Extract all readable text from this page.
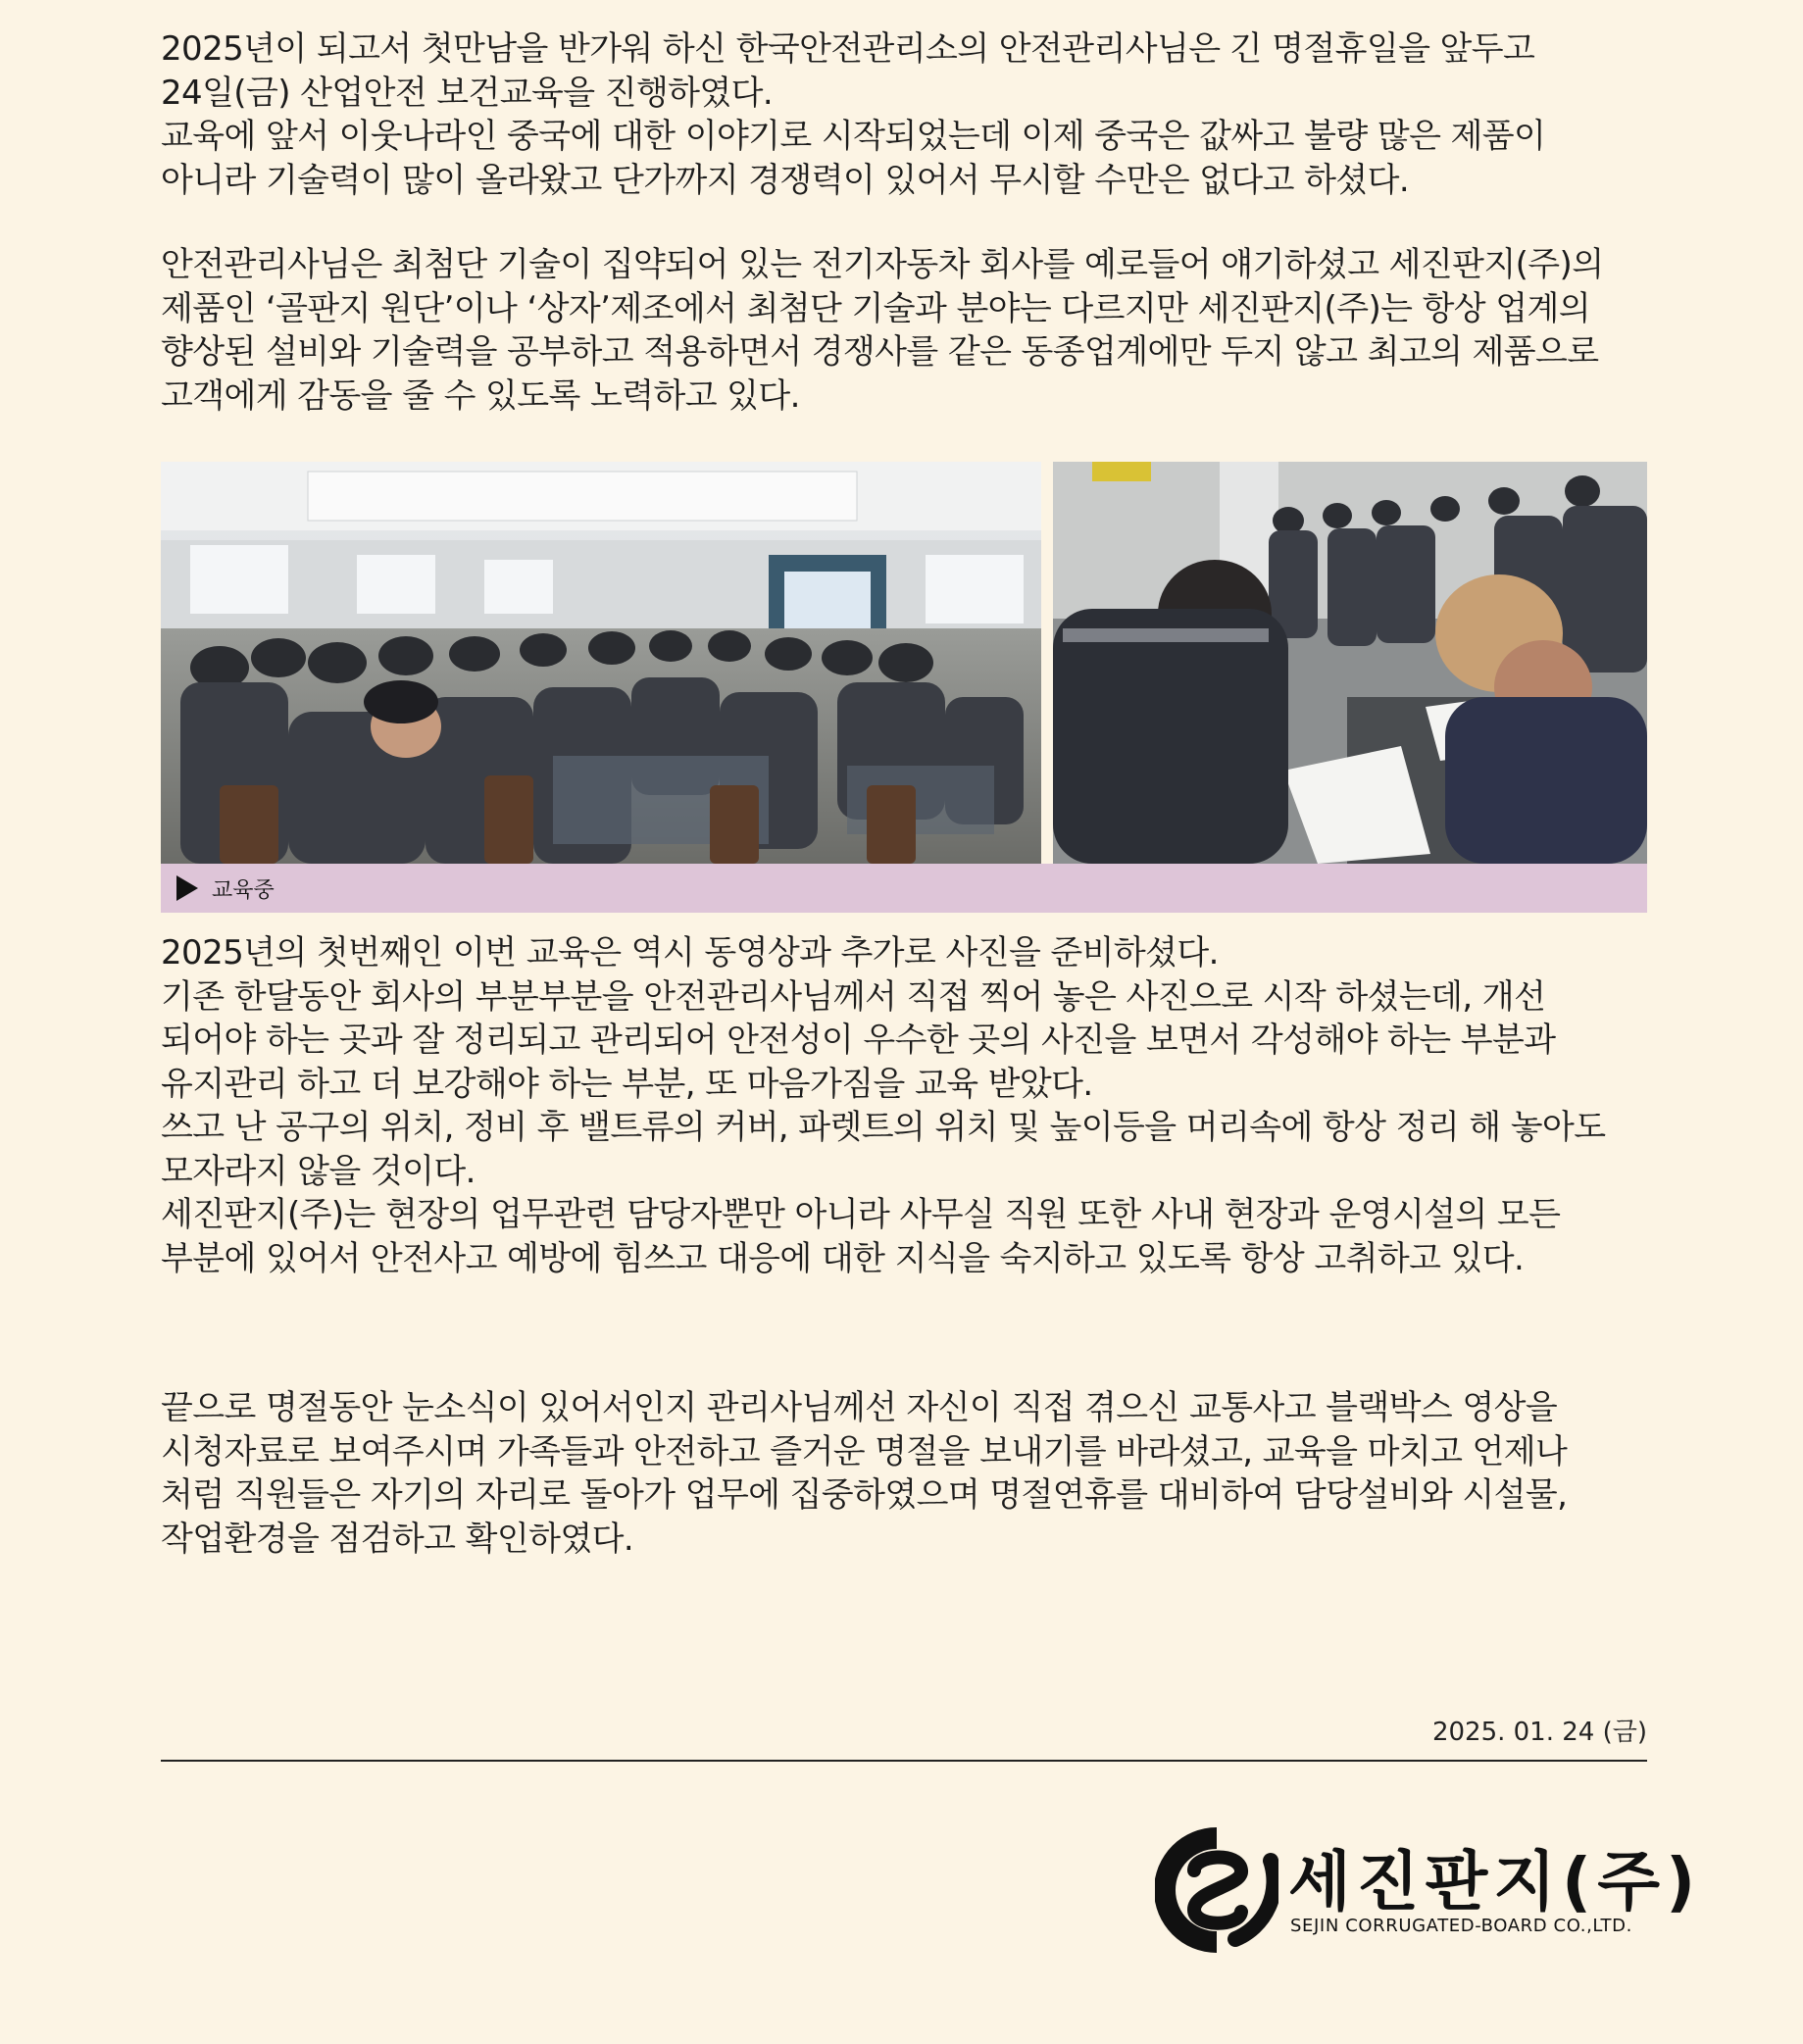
2025년이 되고서 첫만남을 반가워 하신 한국안전관리소의 안전관리사님은 긴 명절휴일을 앞두고
24일(금) 산업안전 보건교육을 진행하였다.
교육에 앞서 이웃나라인 중국에 대한 이야기로 시작되었는데 이제 중국은 값싸고 불량 많은 제품이
아니라 기술력이 많이 올라왔고 단가까지 경쟁력이 있어서 무시할 수만은 없다고 하셨다.
안전관리사님은 최첨단 기술이 집약되어 있는 전기자동차 회사를 예로들어 얘기하셨고 세진판지(주)의
제품인 ‘골판지 원단’이나 ‘상자’제조에서 최첨단 기술과 분야는 다르지만 세진판지(주)는 항상 업계의
향상된 설비와 기술력을 공부하고 적용하면서 경쟁사를 같은 동종업계에만 두지 않고 최고의 제품으로
고객에게 감동을 줄 수 있도록 노력하고 있다.
교육중
2025년의 첫번째인 이번 교육은 역시 동영상과 추가로 사진을 준비하셨다.
기존 한달동안 회사의 부분부분을 안전관리사님께서 직접 찍어 놓은 사진으로 시작 하셨는데, 개선
되어야 하는 곳과 잘 정리되고 관리되어 안전성이 우수한 곳의 사진을 보면서 각성해야 하는 부분과
유지관리 하고 더 보강해야 하는 부분, 또 마음가짐을 교육 받았다.
쓰고 난 공구의 위치, 정비 후 밸트류의 커버, 파렛트의 위치 및 높이등을 머리속에 항상 정리 해 놓아도
모자라지 않을 것이다.
세진판지(주)는 현장의 업무관련 담당자뿐만 아니라 사무실 직원 또한 사내 현장과 운영시설의 모든
부분에 있어서 안전사고 예방에 힘쓰고 대응에 대한 지식을 숙지하고 있도록 항상 고취하고 있다.
끝으로 명절동안 눈소식이 있어서인지 관리사님께선 자신이 직접 겪으신 교통사고 블랙박스 영상을
시청자료로 보여주시며 가족들과 안전하고 즐거운 명절을 보내기를 바라셨고, 교육을 마치고 언제나
처럼 직원들은 자기의 자리로 돌아가 업무에 집중하였으며 명절연휴를 대비하여 담당설비와 시설물,
작업환경을 점검하고 확인하였다.
2025. 01. 24 (금)
세진판지(주)
SEJIN CORRUGATED-BOARD CO.,LTD.
